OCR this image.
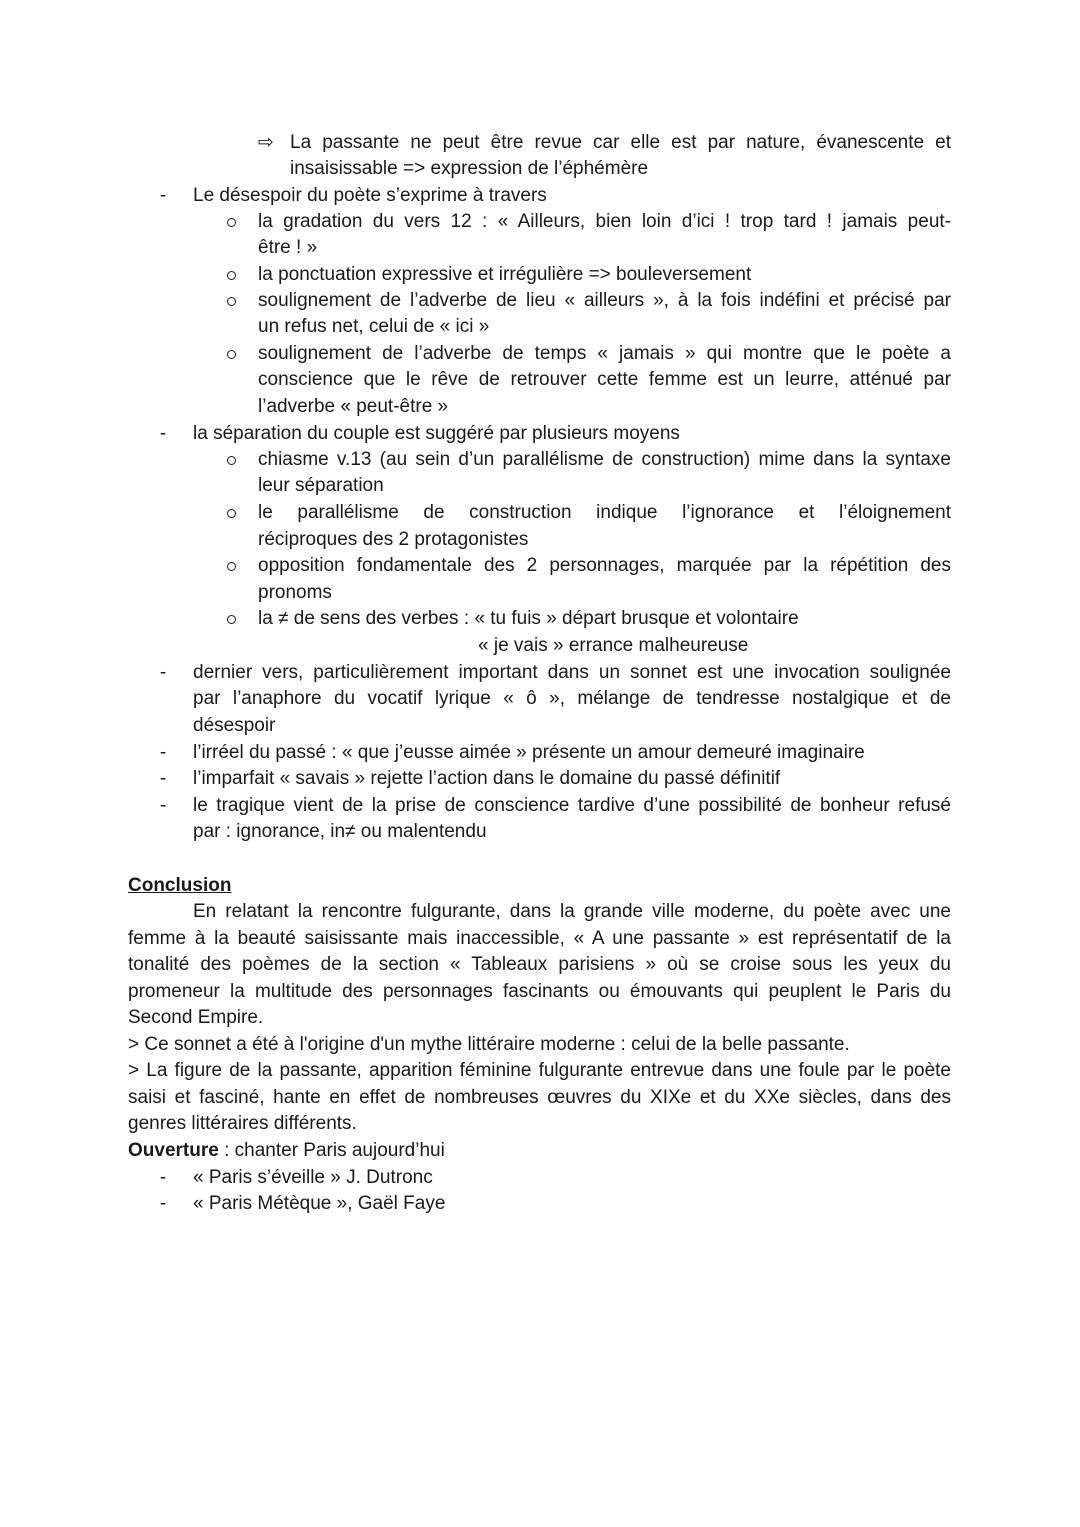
⇨ La passante ne peut être revue car elle est par nature, évanescente et
insaisissable => expression de l’éphémère
- Le désespoir du poète s’exprime à travers
la gradation du vers 12 : « Ailleurs, bien loin d’ici ! trop tard ! jamais peut-
être ! »
la ponctuation expressive et irrégulière => bouleversement
soulignement de l’adverbe de lieu « ailleurs », à la fois indéfini et précisé par
un refus net, celui de « ici »
soulignement de l’adverbe de temps « jamais » qui montre que le poète a
conscience que le rêve de retrouver cette femme est un leurre, atténué par
l’adverbe « peut-être »
- la séparation du couple est suggéré par plusieurs moyens
chiasme v.13 (au sein d’un parallélisme de construction) mime dans la syntaxe
leur séparation
le parallélisme de construction indique l’ignorance et l’éloignement
réciproques des 2 protagonistes
opposition fondamentale des 2 personnages, marquée par la répétition des
pronoms
la ≠ de sens des verbes : « tu fuis » départ brusque et volontaire
« je vais » errance malheureuse
- dernier vers, particulièrement important dans un sonnet est une invocation soulignée
par l’anaphore du vocatif lyrique « ô », mélange de tendresse nostalgique et de
désespoir
- l’irréel du passé : « que j’eusse aimée » présente un amour demeuré imaginaire
- l’imparfait « savais » rejette l’action dans le domaine du passé définitif
- le tragique vient de la prise de conscience tardive d’une possibilité de bonheur refusé
par : ignorance, in≠ ou malentendu
Conclusion
En relatant la rencontre fulgurante, dans la grande ville moderne, du poète avec une
femme à la beauté saisissante mais inaccessible, « A une passante » est représentatif de la
tonalité des poèmes de la section « Tableaux parisiens » où se croise sous les yeux du
promeneur la multitude des personnages fascinants ou émouvants qui peuplent le Paris du
Second Empire.
> Ce sonnet a été à l'origine d'un mythe littéraire moderne : celui de la belle passante.
> La figure de la passante, apparition féminine fulgurante entrevue dans une foule par le poète
saisi et fasciné, hante en effet de nombreuses œuvres du XIXe et du XXe siècles, dans des
genres littéraires différents.
Ouverture : chanter Paris aujourd’hui
- « Paris s’éveille » J. Dutronc
- « Paris Métèque », Gaël Faye
